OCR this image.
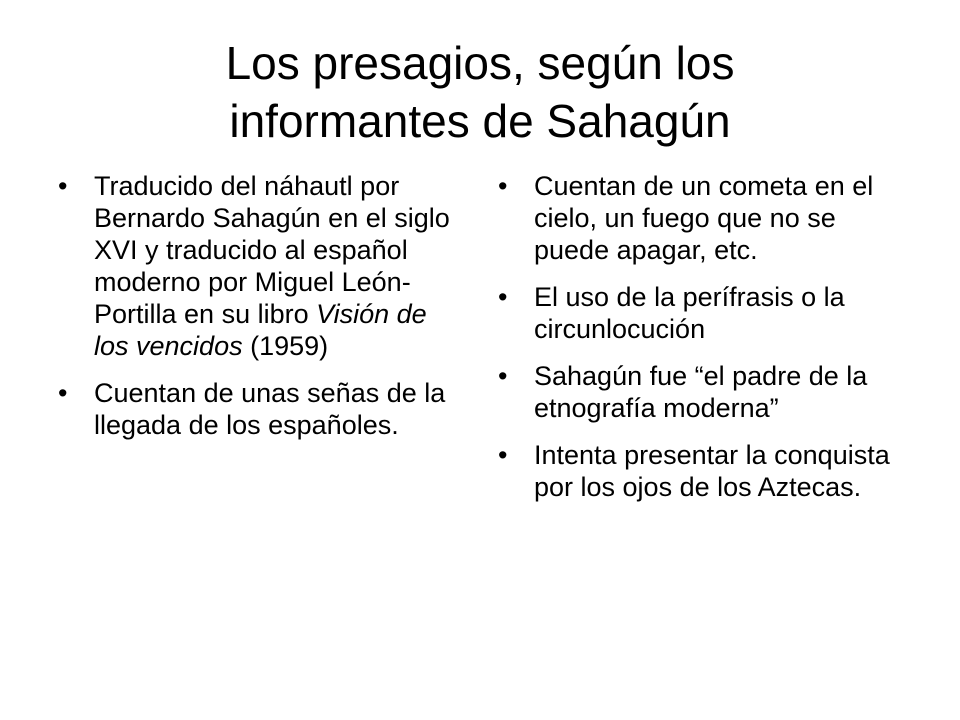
Los presagios, según los
informantes de Sahagún
• Traducido del náhautl por Bernardo Sahagún en el siglo XVI y traducido al español moderno por Miguel León-Portilla en su libro Visión de los vencidos (1959)
• Cuentan de unas señas de la llegada de los españoles.
• Cuentan de un cometa en el cielo, un fuego que no se puede apagar, etc.
• El uso de la perífrasis o la circunlocución
• Sahagún fue “el padre de la etnografía moderna”
• Intenta presentar la conquista por los ojos de los Aztecas.
